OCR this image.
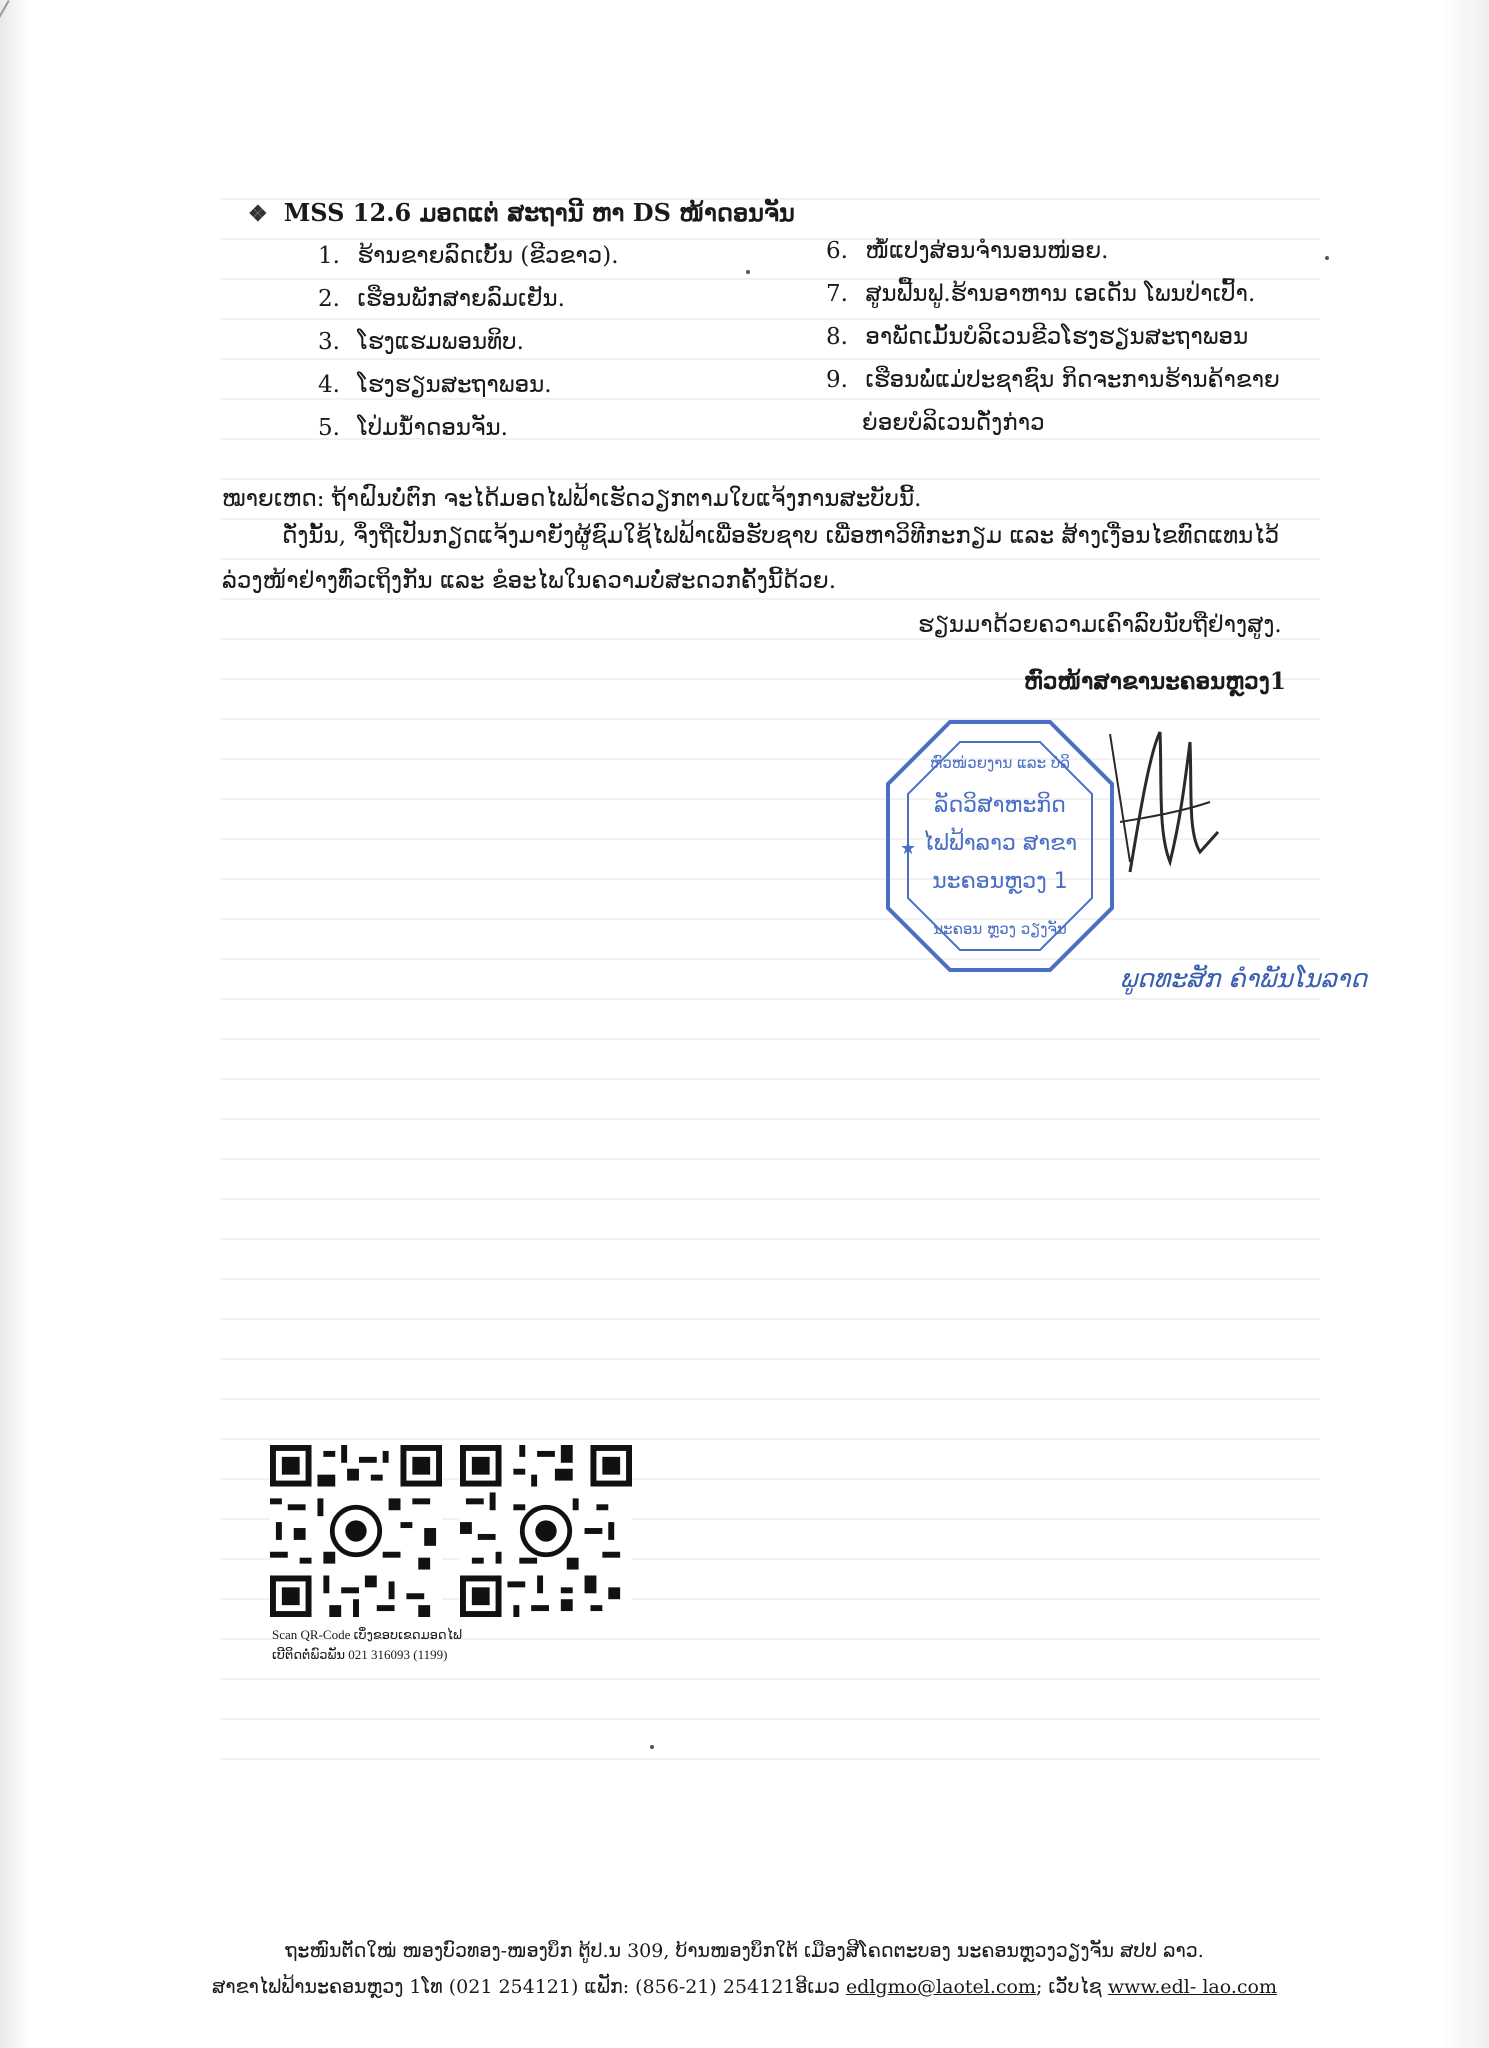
❖ MSS 12.6 ມອດແຕ່ ສະຖານີ ຫາ DS ໜ້າດອນຈັນ
1. ຮ້ານຂາຍລົດເບັ້ນ (ຂີວຂາວ).
2. ເຮືອນພັກສາຍລົມເຢັນ.
3. ໂຮງແຮມພອນທິບ.
4. ໂຮງຮຽນສະຖາພອນ.
5. ໂປ່ມນ້ຳດອນຈັນ.
6. ໜໍ້ແປງສ່ອນຈຳນອນໜ່ອຍ.
7. ສູນຟື້ນຟູ.ຮ້ານອາຫານ ເອເດັນ ໂພນປ່າເປົ້າ.
8. ອາພັດເມັ້ນບໍລິເວນຂີວໂຮງຮຽນສະຖາພອນ
9. ເຮືອນພໍ່ແມ່ປະຊາຊົນ ກິດຈະການຮ້ານຄ້າຂາຍ
ຍ່ອຍບໍລິເວນດັ່ງກ່າວ
ໝາຍເຫດ: ຖ້າຝົນບໍ່ຕົກ ຈະໄດ້ມອດໄຟຟ້າເຮັດວຽກຕາມໃບແຈ້ງການສະບັບນີ້.
ດັ່ງນັ້ນ, ຈຶ່ງຖືເປັນກຽດແຈ້ງມາຍັງຜູ້ຊົມໃຊ້ໄຟຟ້າເພື່ອຮັບຊາບ ເພື່ອຫາວິທີກະກຽມ ແລະ ສ້າງເງື່ອນໄຂທົດແທນໄວ້
ລ່ວງໜ້າຢ່າງທົ່ວເຖິງກັນ ແລະ ຂໍອະໄພໃນຄວາມບໍ່ສະດວກຄັ້ງນີ້ດ້ວຍ.
ຮຽນມາດ້ວຍຄວາມເຄົາລົບນັບຖືຢ່າງສູງ.
ຫົວໜ້າສາຂານະຄອນຫຼວງ1
ລັດວິສາຫະກິດ
ໄຟຟ້າລາວ ສາຂາ
ນະຄອນຫຼວງ 1
ຫົວໜ່ວຍງານ ແລະ ບໍລິ
ນະຄອນ ຫຼວງ ວຽງຈັນ
★
ພູດທະສັກ ຄຳພັນໂນລາດ
Scan QR-Code ເບິ່ງຂອບເຂດມອດໄຟ
ເບີຕິດຕໍ່ພົວພັນ 021 316093 (1199)
ຖະໜົນຕັດໃໝ່ ໜອງບົວທອງ-ໜອງບຶກ ຕູ້ປ.ນ 309, ບ້ານໜອງບຶກໃຕ້ ເມືອງສີໂຄດຕະບອງ ນະຄອນຫຼວງວຽງຈັນ ສປປ ລາວ.
ສາຂາໄຟຟ້ານະຄອນຫຼວງ 1ໂທ (021 254121) ແຟັກ: (856-21) 254121ອີເມວ edlgmo@laotel.com; ເວັບໄຊ www.edl- lao.com
